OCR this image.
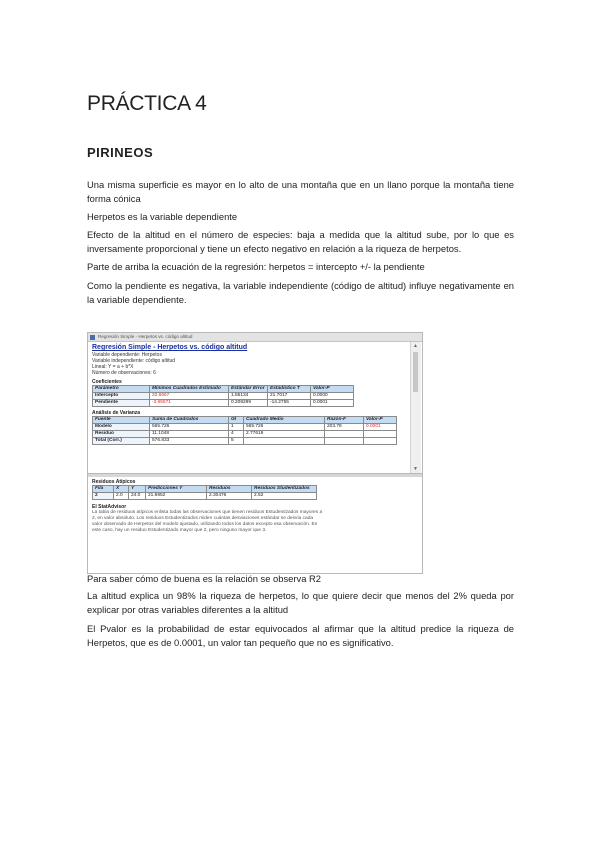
PRÁCTICA 4
PIRINEOS

Una misma superficie es mayor en lo alto de una montaña que en un llano porque la montaña tiene forma cónica

Herpetos es la variable dependiente

Efecto de la altitud en el número de especies: baja a medida que la altitud sube, por lo que es inversamente proporcional y tiene un efecto negativo en relación a la riqueza de herpetos.

Parte de arriba la ecuación de la regresión: herpetos = intercepto +/- la pendiente

Como la pendiente es negativa, la variable independiente (código de altitud) influye negativamente en la variable dependiente.

Regresión Simple - Herpetos vs. código altitud
Regresión Simple - Herpetos vs. código altitud
Variable dependiente: Herpetos
Variable independiente: código altitud
Lineal: Y = a + b*X
Número de observaciones: 6
Coeficientes
Parámetro	Mínimos Cuadrados Estimado	Estándar Error	Estadístico T	Valor-P
Intercepto	33.6667	1.55134	21.7017	0.0000
Pendiente	-3.65571	0.208289	-14.2755	0.0001
Análisis de Varianza
Fuente	Suma de Cuadrados	Gl	Cuadrado Medio	Razón-F	Valor-P
Modelo	565.726	1	565.726	203.78	0.0001
Residuo	11.1048	4	2.77619		
Total (Corr.)	576.833	5			
▲
▼
Residuos Atípicos
Fila	X	Y	Predicciones Y	Residuos	Residuos Studentizados
2	2.0	24.0	21.6952	2.30476	2.52
El StatAdvisor
La tabla de residuos atípicos enlista todas las observaciones que tienen residuos Estudentizados mayores a
2, en valor absoluto. Los residuos Estudentizados miden cuántas desviaciones estándar se desvía cada
valor observado de Herpetos del modelo ajustado, utilizando todos los datos excepto esa observación. En
este caso, hay un residuo Estudentizado mayor que 2, pero ninguno mayor que 3.

Para saber cómo de buena es la relación se observa R2

La altitud explica un 98% la riqueza de herpetos, lo que quiere decir que menos del 2% queda por explicar por otras variables diferentes a la altitud

El Pvalor es la probabilidad de estar equivocados al afirmar que la altitud predice la riqueza de Herpetos, que es de 0.0001, un valor tan pequeño que no es significativo.
